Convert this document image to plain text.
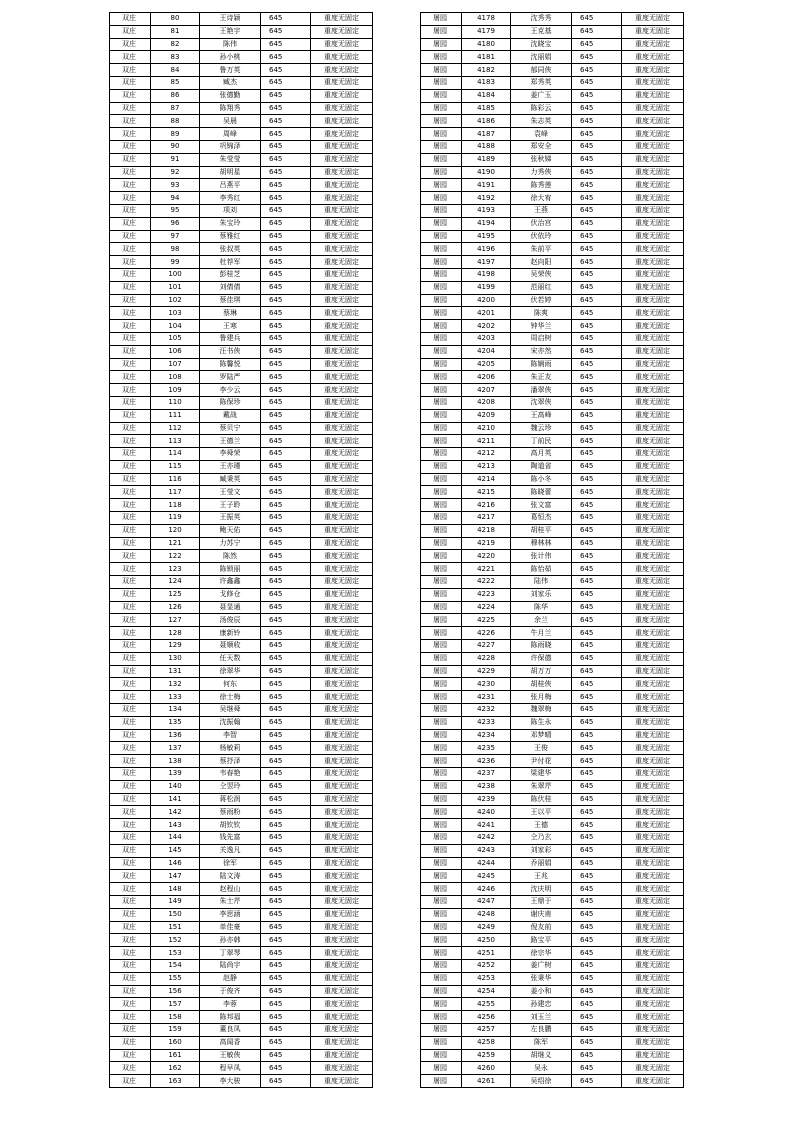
双庄	80	王诗颖	645	重度无固定
双庄	81	王艳宇	645	重度无固定
双庄	82	陈伟	645	重度无固定
双庄	83	孙小桃	645	重度无固定
双庄	84	鲁万英	645	重度无固定
双庄	85	臧杰	645	重度无固定
双庄	86	张德勤	645	重度无固定
双庄	87	陈翔秀	645	重度无固定
双庄	88	吴晨	645	重度无固定
双庄	89	周峰	645	重度无固定
双庄	90	巩锦泽	645	重度无固定
双庄	91	朱莹莹	645	重度无固定
双庄	92	胡明星	645	重度无固定
双庄	93	吕燕平	645	重度无固定
双庄	94	李秀红	645	重度无固定
双庄	95	项刘	645	重度无固定
双庄	96	朱宝玲	645	重度无固定
双庄	97	蔡雅红	645	重度无固定
双庄	98	张叔英	645	重度无固定
双庄	99	杜荐军	645	重度无固定
双庄	100	彭桂芝	645	重度无固定
双庄	101	刘倩倩	645	重度无固定
双庄	102	蔡佳琪	645	重度无固定
双庄	103	蔡琳	645	重度无固定
双庄	104	王寒	645	重度无固定
双庄	105	鲁建兵	645	重度无固定
双庄	106	汪书俠	645	重度无固定
双庄	107	陈馨悦	645	重度无固定
双庄	108	罗陆严	645	重度无固定
双庄	109	李少云	645	重度无固定
双庄	110	陈保珍	645	重度无固定
双庄	111	戴战	645	重度无固定
双庄	112	蔡贝宁	645	重度无固定
双庄	113	王德兰	645	重度无固定
双庄	114	李舜荣	645	重度无固定
双庄	115	王亦瑾	645	重度无固定
双庄	116	臧秉英	645	重度无固定
双庄	117	王莹文	645	重度无固定
双庄	118	王子聆	645	重度无固定
双庄	119	王振英	645	重度无固定
双庄	120	鲍天佑	645	重度无固定
双庄	121	力苏宁	645	重度无固定
双庄	122	陈然	645	重度无固定
双庄	123	陈锁丽	645	重度无固定
双庄	124	许鑫鑫	645	重度无固定
双庄	125	戈修仓	645	重度无固定
双庄	126	聂显通	645	重度无固定
双庄	127	汤俊辰	645	重度无固定
双庄	128	康新铃	645	重度无固定
双庄	129	聂顺收	645	重度无固定
双庄	130	任天数	645	重度无固定
双庄	131	徐翠华	645	重度无固定
双庄	132	何东	645	重度无固定
双庄	133	徐士梅	645	重度无固定
双庄	134	吴继舜	645	重度无固定
双庄	135	沈振翰	645	重度无固定
双庄	136	李智	645	重度无固定
双庄	137	杨敏莉	645	重度无固定
双庄	138	蔡抒泽	645	重度无固定
双庄	139	韦春艳	645	重度无固定
双庄	140	仝翌玲	645	重度无固定
双庄	141	蒋松润	645	重度无固定
双庄	142	蔡雨粉	645	重度无固定
双庄	143	胡钦钦	645	重度无固定
双庄	144	钱先富	645	重度无固定
双庄	145	关逸凡	645	重度无固定
双庄	146	徐军	645	重度无固定
双庄	147	陆文涛	645	重度无固定
双庄	148	赵程山	645	重度无固定
双庄	149	朱士芹	645	重度无固定
双庄	150	李思涵	645	重度无固定
双庄	151	单佳豪	645	重度无固定
双庄	152	孙亦韩	645	重度无固定
双庄	153	丁翠琴	645	重度无固定
双庄	154	陆尚宇	645	重度无固定
双庄	155	赵静	645	重度无固定
双庄	156	于俊齐	645	重度无固定
双庄	157	李蓉	645	重度无固定
双庄	158	陈邦福	645	重度无固定
双庄	159	董良凤	645	重度无固定
双庄	160	高闻香	645	重度无固定
双庄	161	王敏俠	645	重度无固定
双庄	162	程早凤	645	重度无固定
双庄	163	李大骏	645	重度无固定
屠园	4178	沈秀秀	645	重度无固定
屠园	4179	王克基	645	重度无固定
屠园	4180	沈晓宝	645	重度无固定
屠园	4181	沈丽娟	645	重度无固定
屠园	4182	郁同俠	645	重度无固定
屠园	4183	郑秀英	645	重度无固定
屠园	4184	姜广玉	645	重度无固定
屠园	4185	陈彩云	645	重度无固定
屠园	4186	朱志英	645	重度无固定
屠园	4187	袁峰	645	重度无固定
屠园	4188	郑安全	645	重度无固定
屠园	4189	张秋娣	645	重度无固定
屠园	4190	力秀俠	645	重度无固定
屠园	4191	陈秀莲	645	重度无固定
屠园	4192	徐大宥	645	重度无固定
屠园	4193	王燕	645	重度无固定
屠园	4194	伏治宫	645	重度无固定
屠园	4195	伏依玲	645	重度无固定
屠园	4196	朱前平	645	重度无固定
屠园	4197	赵向阳	645	重度无固定
屠园	4198	吴荣俠	645	重度无固定
屠园	4199	范丽红	645	重度无固定
屠园	4200	伏若婷	645	重度无固定
屠园	4201	陈爽	645	重度无固定
屠园	4202	钟华兰	645	重度无固定
屠园	4203	周启树	645	重度无固定
屠园	4204	宋亦然	645	重度无固定
屠园	4205	陈娴雨	645	重度无固定
屠园	4206	朱正友	645	重度无固定
屠园	4207	潘翠俠	645	重度无固定
屠园	4208	沈翠俠	645	重度无固定
屠园	4209	王高峰	645	重度无固定
屠园	4210	魏云珍	645	重度无固定
屠园	4211	丁前民	645	重度无固定
屠园	4212	高月英	645	重度无固定
屠园	4213	陶道省	645	重度无固定
屠园	4214	陈小冬	645	重度无固定
屠园	4215	陈晓蕾	645	重度无固定
屠园	4216	张文富	645	重度无固定
屠园	4217	葛恒杰	645	重度无固定
屠园	4218	胡桂平	645	重度无固定
屠园	4219	穆林林	645	重度无固定
屠园	4220	张计伟	645	重度无固定
屠园	4221	陈怡茹	645	重度无固定
屠园	4222	陆伟	645	重度无固定
屠园	4223	刘家乐	645	重度无固定
屠园	4224	陈华	645	重度无固定
屠园	4225	余兰	645	重度无固定
屠园	4226	牛月兰	645	重度无固定
屠园	4227	陈雨晓	645	重度无固定
屠园	4228	许保德	645	重度无固定
屠园	4229	胡万万	645	重度无固定
屠园	4230	胡桂俠	645	重度无固定
屠园	4231	张月梅	645	重度无固定
屠园	4232	魏翠梅	645	重度无固定
屠园	4233	陈生永	645	重度无固定
屠园	4234	邓梦晴	645	重度无固定
屠园	4235	王俊	645	重度无固定
屠园	4236	尹付花	645	重度无固定
屠园	4237	梁建华	645	重度无固定
屠园	4238	朱翠芹	645	重度无固定
屠园	4239	陈伏桂	645	重度无固定
屠园	4240	王以平	645	重度无固定
屠园	4241	王德	645	重度无固定
屠园	4242	仝乃玄	645	重度无固定
屠园	4243	刘家彩	645	重度无固定
屠园	4244	乔丽娟	645	重度无固定
屠园	4245	王兆	645	重度无固定
屠园	4246	沈庆明	645	重度无固定
屠园	4247	王鼎于	645	重度无固定
屠园	4248	谢庆甫	645	重度无固定
屠园	4249	倪友前	645	重度无固定
屠园	4250	路宝平	645	重度无固定
屠园	4251	徐宗华	645	重度无固定
屠园	4252	姜广树	645	重度无固定
屠园	4253	张秉华	645	重度无固定
屠园	4254	姜小和	645	重度无固定
屠园	4255	孙建忠	645	重度无固定
屠园	4256	刘玉兰	645	重度无固定
屠园	4257	左良鹏	645	重度无固定
屠园	4258	陈军	645	重度无固定
屠园	4259	胡继义	645	重度无固定
屠园	4260	吴永	645	重度无固定
屠园	4261	吴绍徐	645	重度无固定
